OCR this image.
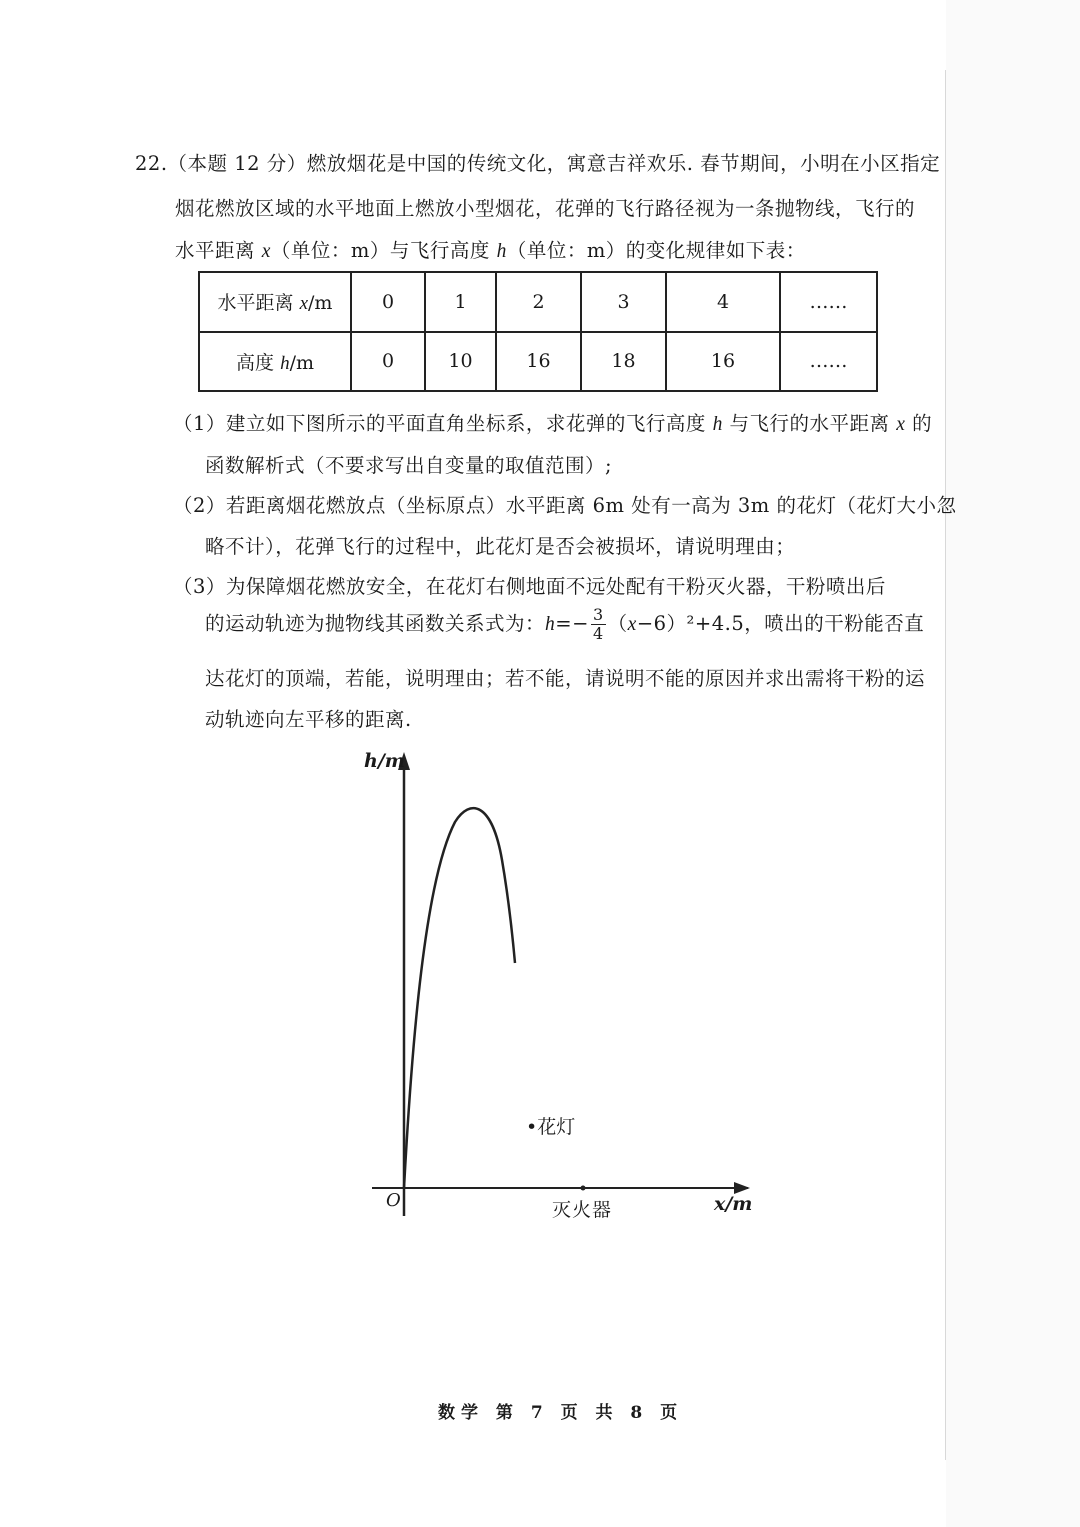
22.（本题 12 分）燃放烟花是中国的传统文化，寓意吉祥欢乐. 春节期间，小明在小区指定
烟花燃放区域的水平地面上燃放小型烟花，花弹的飞行路径视为一条抛物线，飞行的
水平距离 x（单位：m）与飞行高度 h（单位：m）的变化规律如下表：
水平距离 x/m	0	1	2	3	4	……
高度 h/m	0	10	16	18	16	……
（1）建立如下图所示的平面直角坐标系，求花弹的飞行高度 h 与飞行的水平距离 x 的
函数解析式（不要求写出自变量的取值范围）;
（2）若距离烟花燃放点（坐标原点）水平距离 6m 处有一高为 3m 的花灯（花灯大小忽
略不计），花弹飞行的过程中，此花灯是否会被损坏，请说明理由；
（3）为保障烟花燃放安全，在花灯右侧地面不远处配有干粉灭火器，干粉喷出后
的运动轨迹为抛物线其函数关系式为：$h=- \frac{3}{4} (x-6)^2+4.5$，喷出的干粉能否直
达花灯的顶端，若能，说明理由；若不能，请说明不能的原因并求出需将干粉的运
动轨迹向左平移的距离.
h/m
x/m
O
•花灯
灭火器
数学 第 7 页 共 8 页
